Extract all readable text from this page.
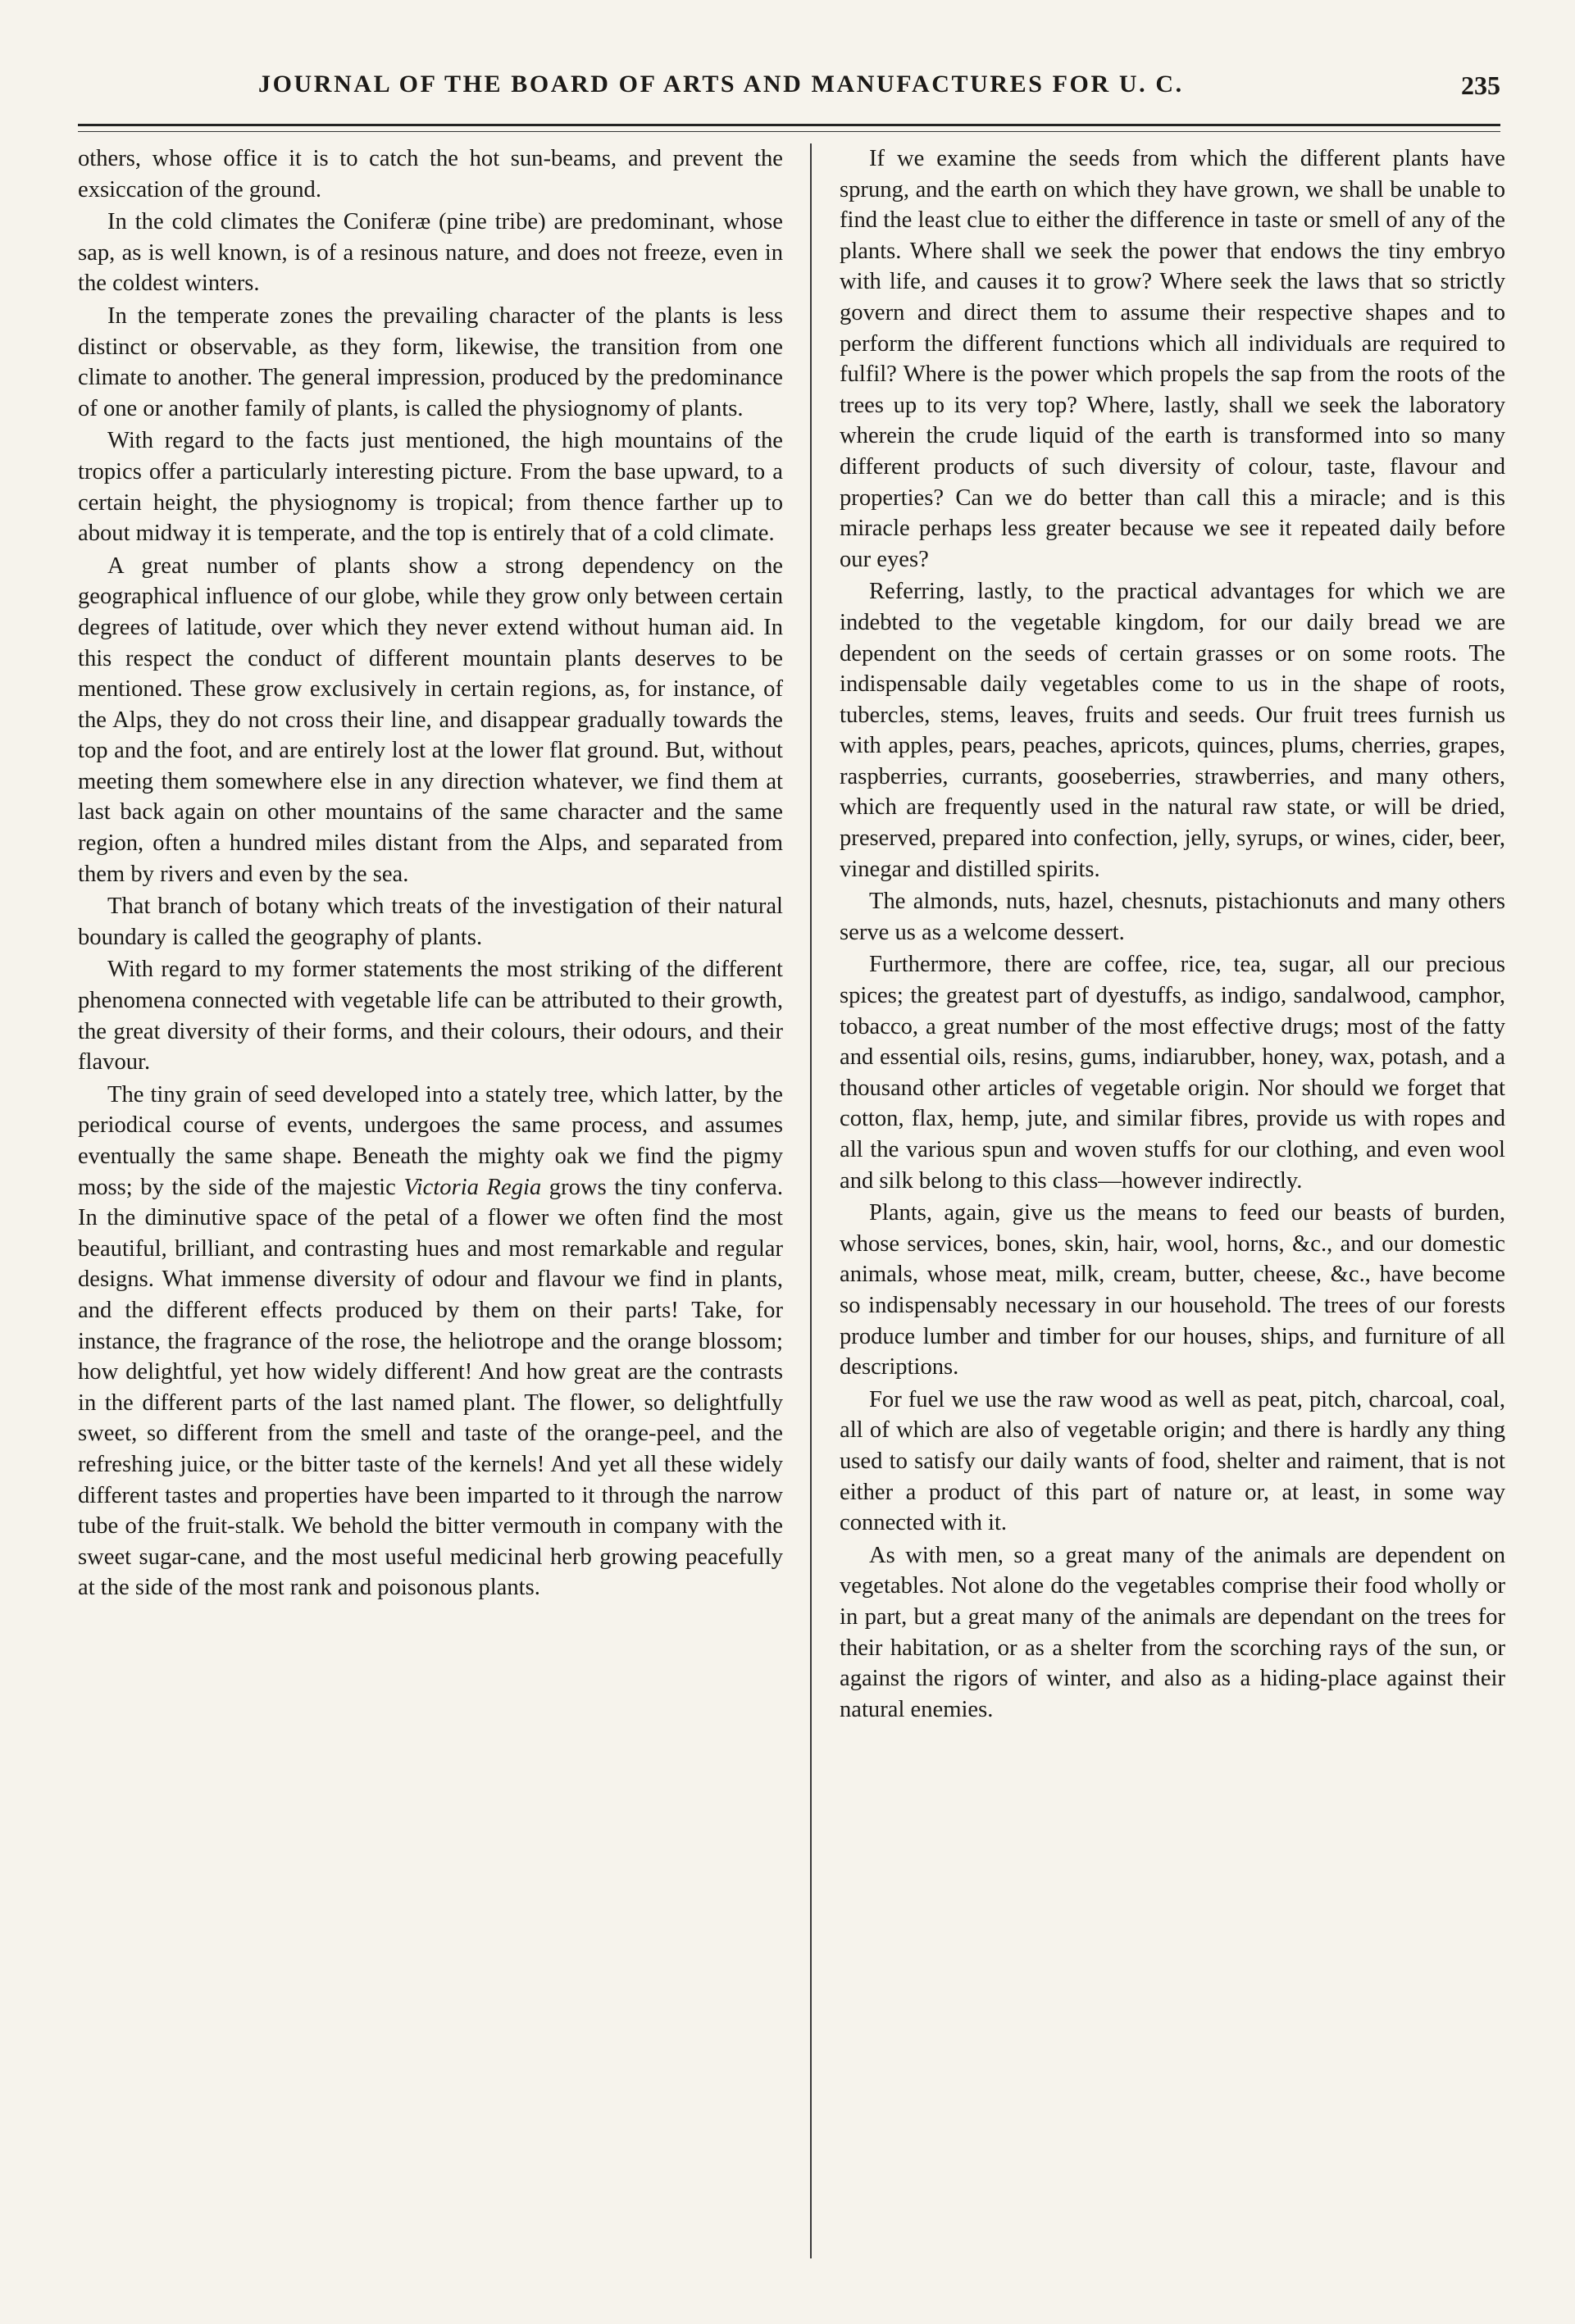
JOURNAL OF THE BOARD OF ARTS AND MANUFACTURES FOR U. C.	235

others, whose office it is to catch the hot sun-beams, and prevent the exsiccation of the ground.

In the cold climates the Coniferæ (pine tribe) are predominant, whose sap, as is well known, is of a resinous nature, and does not freeze, even in the coldest winters.

In the temperate zones the prevailing character of the plants is less distinct or observable, as they form, likewise, the transition from one climate to another. The general impression, produced by the predominance of one or another family of plants, is called the physiognomy of plants.

With regard to the facts just mentioned, the high mountains of the tropics offer a particularly interesting picture. From the base upward, to a certain height, the physiognomy is tropical; from thence farther up to about midway it is temperate, and the top is entirely that of a cold climate.

A great number of plants show a strong dependency on the geographical influence of our globe, while they grow only between certain degrees of latitude, over which they never extend without human aid. In this respect the conduct of different mountain plants deserves to be mentioned. These grow exclusively in certain regions, as, for instance, of the Alps, they do not cross their line, and disappear gradually towards the top and the foot, and are entirely lost at the lower flat ground. But, without meeting them somewhere else in any direction whatever, we find them at last back again on other mountains of the same character and the same region, often a hundred miles distant from the Alps, and separated from them by rivers and even by the sea.

That branch of botany which treats of the investigation of their natural boundary is called the geography of plants.

With regard to my former statements the most striking of the different phenomena connected with vegetable life can be attributed to their growth, the great diversity of their forms, and their colours, their odours, and their flavour.

The tiny grain of seed developed into a stately tree, which latter, by the periodical course of events, undergoes the same process, and assumes eventually the same shape. Beneath the mighty oak we find the pigmy moss; by the side of the majestic Victoria Regia grows the tiny conferva. In the diminutive space of the petal of a flower we often find the most beautiful, brilliant, and contrasting hues and most remarkable and regular designs. What immense diversity of odour and flavour we find in plants, and the different effects produced by them on their parts! Take, for instance, the fragrance of the rose, the heliotrope and the orange blossom; how delightful, yet how widely different! And how great are the contrasts in the different parts of the last named plant. The flower, so delightfully sweet, so different from the smell and taste of the orange-peel, and the refreshing juice, or the bitter taste of the kernels! And yet all these widely different tastes and properties have been imparted to it through the narrow tube of the fruit-stalk. We behold the bitter vermouth in company with the sweet sugar-cane, and the most useful medicinal herb growing peacefully at the side of the most rank and poisonous plants.

If we examine the seeds from which the different plants have sprung, and the earth on which they have grown, we shall be unable to find the least clue to either the difference in taste or smell of any of the plants. Where shall we seek the power that endows the tiny embryo with life, and causes it to grow? Where seek the laws that so strictly govern and direct them to assume their respective shapes and to perform the different functions which all individuals are required to fulfil? Where is the power which propels the sap from the roots of the trees up to its very top? Where, lastly, shall we seek the laboratory wherein the crude liquid of the earth is transformed into so many different products of such diversity of colour, taste, flavour and properties? Can we do better than call this a miracle; and is this miracle perhaps less greater because we see it repeated daily before our eyes?

Referring, lastly, to the practical advantages for which we are indebted to the vegetable kingdom, for our daily bread we are dependent on the seeds of certain grasses or on some roots. The indispensable daily vegetables come to us in the shape of roots, tubercles, stems, leaves, fruits and seeds. Our fruit trees furnish us with apples, pears, peaches, apricots, quinces, plums, cherries, grapes, raspberries, currants, gooseberries, strawberries, and many others, which are frequently used in the natural raw state, or will be dried, preserved, prepared into confection, jelly, syrups, or wines, cider, beer, vinegar and distilled spirits.

The almonds, nuts, hazel, chesnuts, pistachionuts and many others serve us as a welcome dessert.

Furthermore, there are coffee, rice, tea, sugar, all our precious spices; the greatest part of dyestuffs, as indigo, sandalwood, camphor, tobacco, a great number of the most effective drugs; most of the fatty and essential oils, resins, gums, indiarubber, honey, wax, potash, and a thousand other articles of vegetable origin. Nor should we forget that cotton, flax, hemp, jute, and similar fibres, provide us with ropes and all the various spun and woven stuffs for our clothing, and even wool and silk belong to this class—however indirectly.

Plants, again, give us the means to feed our beasts of burden, whose services, bones, skin, hair, wool, horns, &c., and our domestic animals, whose meat, milk, cream, butter, cheese, &c., have become so indispensably necessary in our household. The trees of our forests produce lumber and timber for our houses, ships, and furniture of all descriptions.

For fuel we use the raw wood as well as peat, pitch, charcoal, coal, all of which are also of vegetable origin; and there is hardly any thing used to satisfy our daily wants of food, shelter and raiment, that is not either a product of this part of nature or, at least, in some way connected with it.

As with men, so a great many of the animals are dependent on vegetables. Not alone do the vegetables comprise their food wholly or in part, but a great many of the animals are dependant on the trees for their habitation, or as a shelter from the scorching rays of the sun, or against the rigors of winter, and also as a hiding-place against their natural enemies.
